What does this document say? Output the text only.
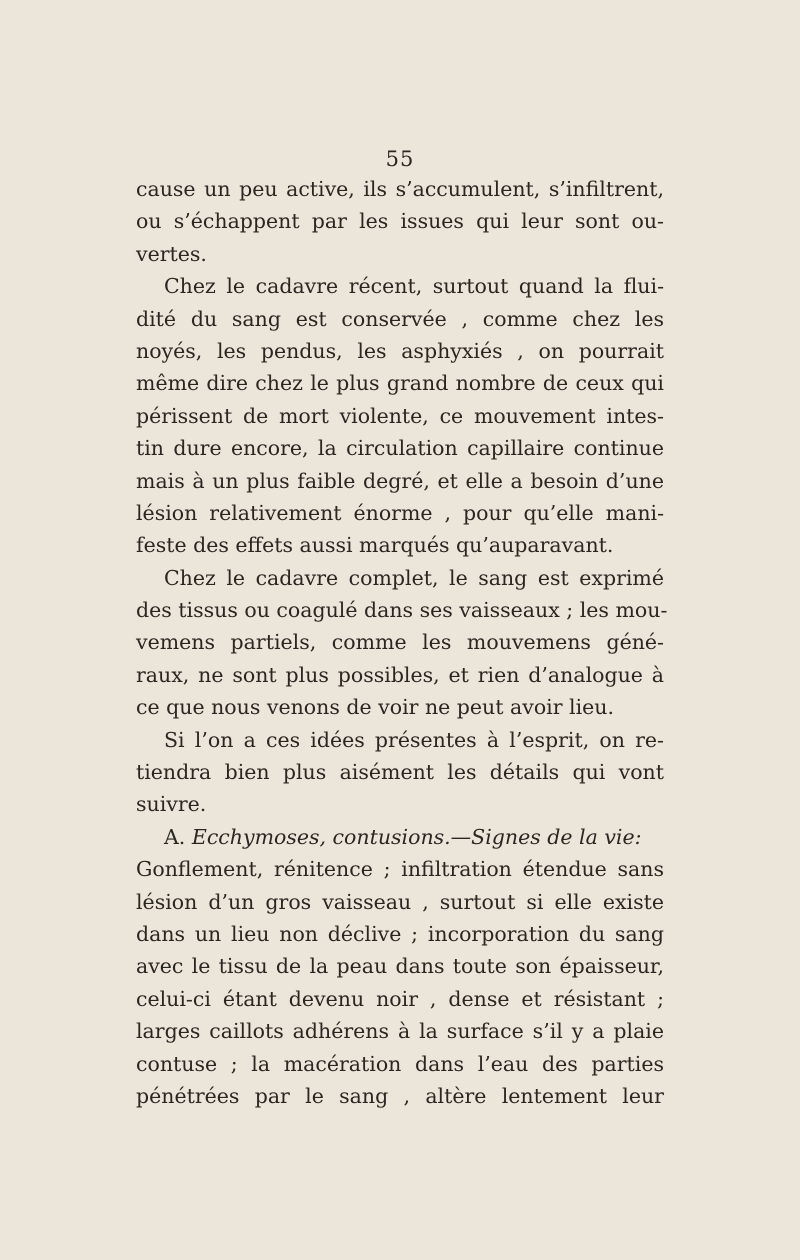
55
cause un peu active, ils s’accumulent, s’infiltrent,
ou s’échappent par les issues qui leur sont ou-
vertes.
Chez le cadavre récent, surtout quand la flui-
dité du sang est conservée , comme chez les
noyés, les pendus, les asphyxiés , on pourrait
même dire chez le plus grand nombre de ceux qui
périssent de mort violente, ce mouvement intes-
tin dure encore, la circulation capillaire continue
mais à un plus faible degré, et elle a besoin d’une
lésion relativement énorme , pour qu’elle mani-
feste des effets aussi marqués qu’auparavant.
Chez le cadavre complet, le sang est exprimé
des tissus ou coagulé dans ses vaisseaux ; les mou-
vemens partiels, comme les mouvemens géné-
raux, ne sont plus possibles, et rien d’analogue à
ce que nous venons de voir ne peut avoir lieu.
Si l’on a ces idées présentes à l’esprit, on re-
tiendra bien plus aisément les détails qui vont
suivre.
A. Ecchymoses, contusions.—Signes de la vie:
Gonflement, rénitence ; infiltration étendue sans
lésion d’un gros vaisseau , surtout si elle existe
dans un lieu non déclive ; incorporation du sang
avec le tissu de la peau dans toute son épaisseur,
celui-ci étant devenu noir , dense et résistant ;
larges caillots adhérens à la surface s’il y a plaie
contuse ; la macération dans l’eau des parties
pénétrées par le sang , altère lentement leur
